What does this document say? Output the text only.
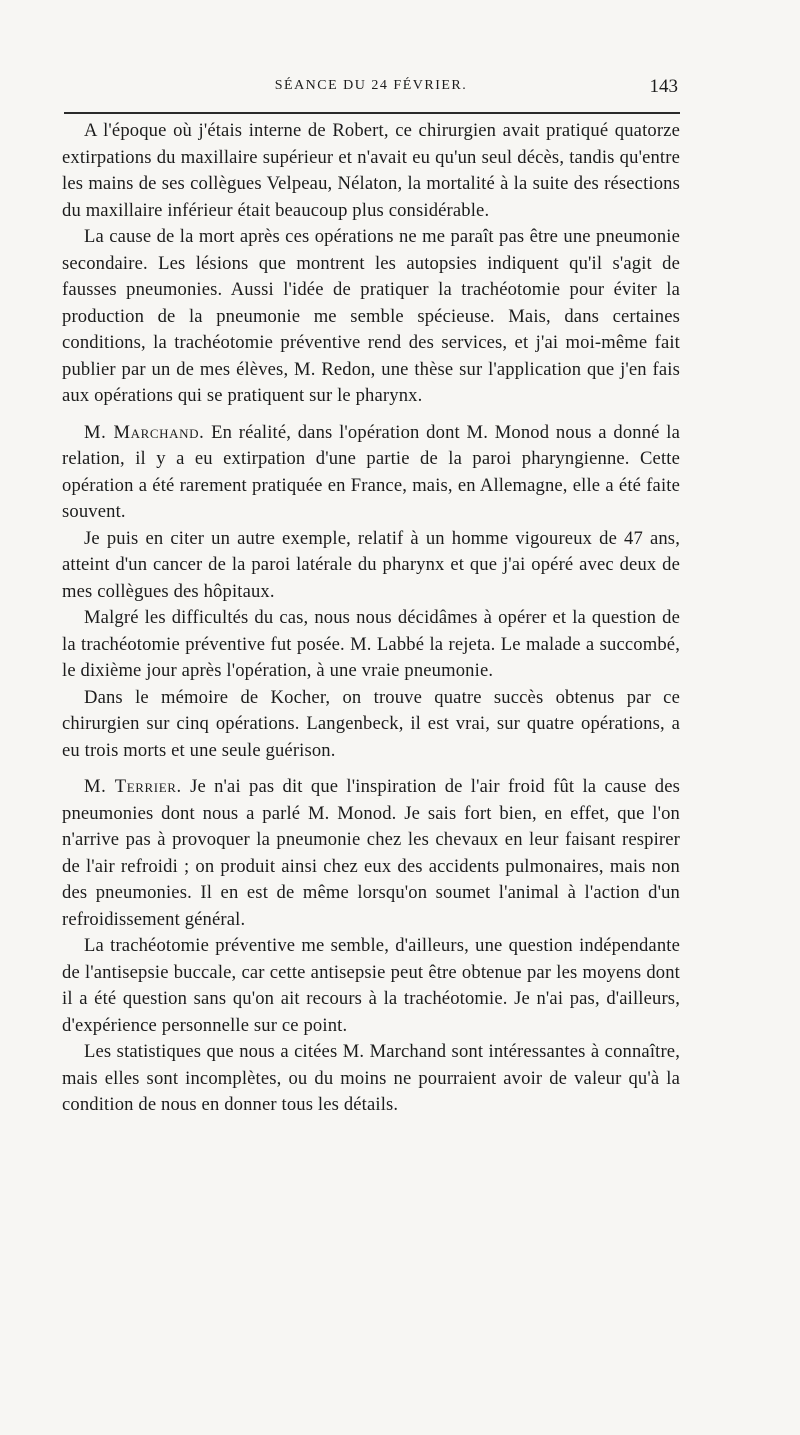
SÉANCE DU 24 FÉVRIER.	143

A l'époque où j'étais interne de Robert, ce chirurgien avait pratiqué quatorze extirpations du maxillaire supérieur et n'avait eu qu'un seul décès, tandis qu'entre les mains de ses collègues Velpeau, Nélaton, la mortalité à la suite des résections du maxillaire inférieur était beaucoup plus considérable.

La cause de la mort après ces opérations ne me paraît pas être une pneumonie secondaire. Les lésions que montrent les autopsies indiquent qu'il s'agit de fausses pneumonies. Aussi l'idée de pratiquer la trachéotomie pour éviter la production de la pneumonie me semble spécieuse. Mais, dans certaines conditions, la trachéotomie préventive rend des services, et j'ai moi-même fait publier par un de mes élèves, M. Redon, une thèse sur l'application que j'en fais aux opérations qui se pratiquent sur le pharynx.

M. Marchand. En réalité, dans l'opération dont M. Monod nous a donné la relation, il y a eu extirpation d'une partie de la paroi pharyngienne. Cette opération a été rarement pratiquée en France, mais, en Allemagne, elle a été faite souvent.

Je puis en citer un autre exemple, relatif à un homme vigoureux de 47 ans, atteint d'un cancer de la paroi latérale du pharynx et que j'ai opéré avec deux de mes collègues des hôpitaux.

Malgré les difficultés du cas, nous nous décidâmes à opérer et la question de la trachéotomie préventive fut posée. M. Labbé la rejeta. Le malade a succombé, le dixième jour après l'opération, à une vraie pneumonie.

Dans le mémoire de Kocher, on trouve quatre succès obtenus par ce chirurgien sur cinq opérations. Langenbeck, il est vrai, sur quatre opérations, a eu trois morts et une seule guérison.

M. Terrier. Je n'ai pas dit que l'inspiration de l'air froid fût la cause des pneumonies dont nous a parlé M. Monod. Je sais fort bien, en effet, que l'on n'arrive pas à provoquer la pneumonie chez les chevaux en leur faisant respirer de l'air refroidi ; on produit ainsi chez eux des accidents pulmonaires, mais non des pneumonies. Il en est de même lorsqu'on soumet l'animal à l'action d'un refroidissement général.

La trachéotomie préventive me semble, d'ailleurs, une question indépendante de l'antisepsie buccale, car cette antisepsie peut être obtenue par les moyens dont il a été question sans qu'on ait recours à la trachéotomie. Je n'ai pas, d'ailleurs, d'expérience personnelle sur ce point.

Les statistiques que nous a citées M. Marchand sont intéressantes à connaître, mais elles sont incomplètes, ou du moins ne pourraient avoir de valeur qu'à la condition de nous en donner tous les détails.
